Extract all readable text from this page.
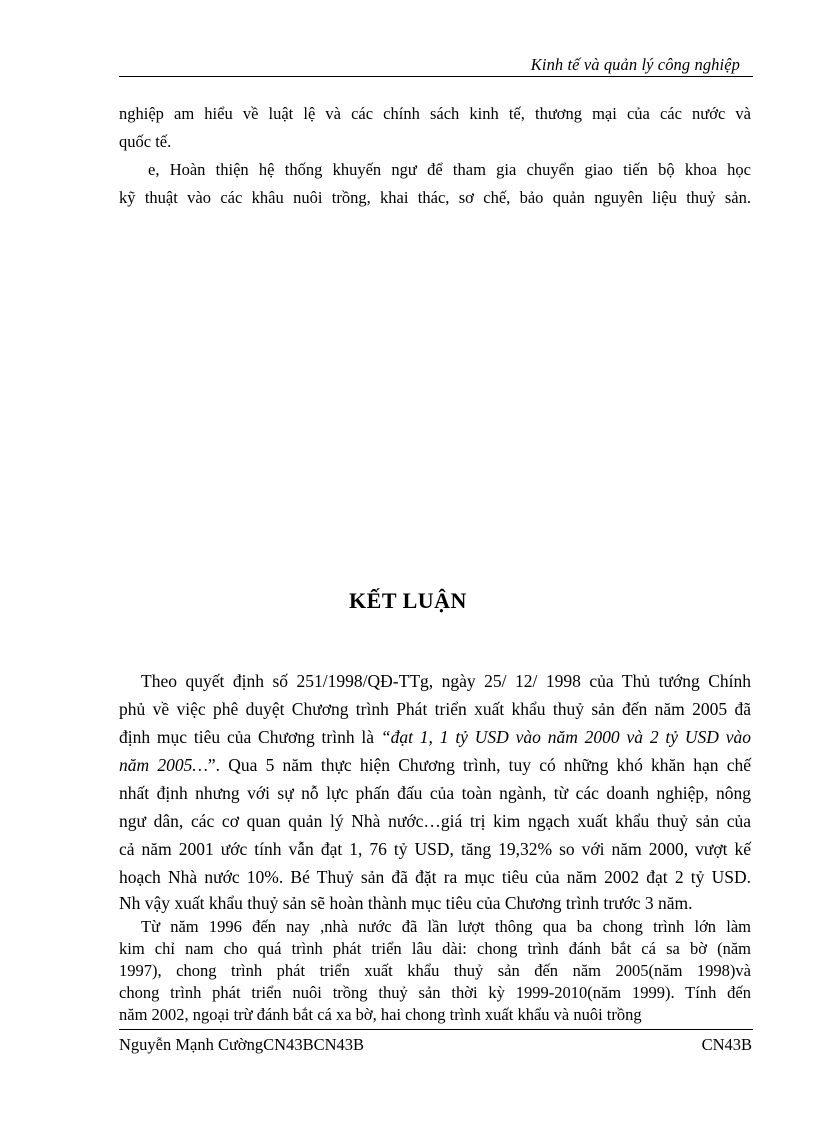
Kinh tế và quản lý công nghiệp
nghiệp am hiểu về luật lệ và các chính sách kinh tế, thương mại của các nước và
quốc tế.
e, Hoàn thiện hệ thống khuyến ngư để tham gia chuyển giao tiến bộ khoa học
kỹ thuật vào các khâu nuôi trồng, khai thác, sơ chế, bảo quản nguyên liệu thuỷ sản.
KẾT LUẬN
Theo quyết định số 251/1998/QĐ-TTg, ngày 25/ 12/ 1998 của Thủ tướng Chính
phủ về việc phê duyệt Chương trình Phát triển xuất khẩu thuỷ sản đến năm 2005 đã
định mục tiêu của Chương trình là “đạt 1, 1 tỷ USD vào năm 2000 và 2 tỷ USD vào
năm 2005…”. Qua 5 năm thực hiện Chương trình, tuy có những khó khăn hạn chế
nhất định nhưng với sự nỗ lực phấn đấu của toàn ngành, từ các doanh nghiệp, nông
ngư dân, các cơ quan quản lý Nhà nước…giá trị kim ngạch xuất khẩu thuỷ sản của
cả năm 2001 ước tính vẫn đạt 1, 76 tỷ USD, tăng 19,32% so với năm 2000, vượt kế
hoạch Nhà nước 10%. Bé Thuỷ sản đã đặt ra mục tiêu của năm 2002 đạt 2 tỷ USD.
Nh vậy xuất khẩu thuỷ sản sẽ hoàn thành mục tiêu của Chương trình trước 3 năm.
Từ năm 1996 đến nay ,nhà nước đã lần lượt thông qua ba chong trình lớn làm
kim chỉ nam cho quá trình phát triển lâu dài: chong trình đánh bắt cá sa bờ (năm
1997), chong trình phát triển xuất khẩu thuỷ sản đến năm 2005(năm 1998)và
chong trình phát triển nuôi trồng thuỷ sản thời kỳ 1999-2010(năm 1999). Tính đến
năm 2002, ngoại trừ đánh bắt cá xa bờ, hai chong trình xuất khẩu và nuôi trồng
Nguyễn Mạnh CườngCN43BCN43B	CN43B
